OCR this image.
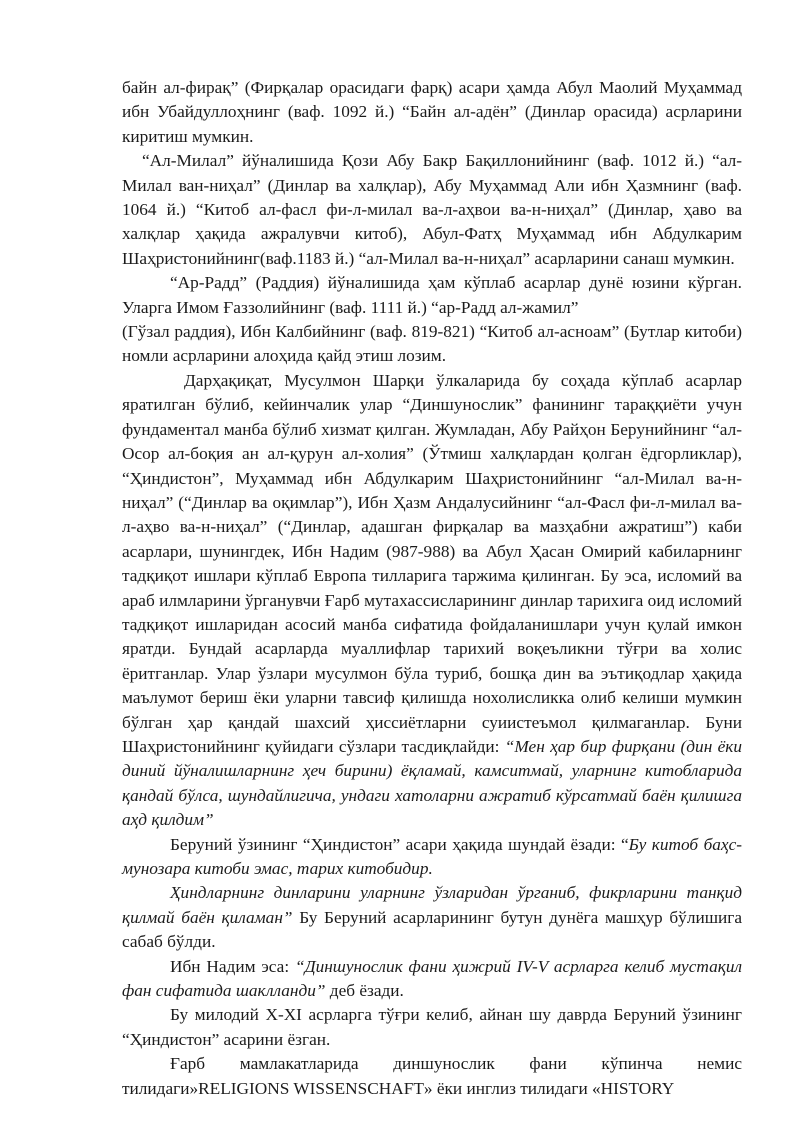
байн ал-фирақ” (Фирқалар орасидаги фарқ) асари ҳамда Абул Маолий Муҳаммад ибн Убайдуллоҳнинг (ваф. 1092 й.) “Байн ал-адён” (Динлар орасида) асрларини киритиш мумкин.

“Ал-Милал” йўналишида Қози Абу Бакр Бақиллонийнинг (ваф. 1012 й.) “ал-Милал ван-ниҳал” (Динлар ва халқлар), Абу Муҳаммад Али ибн Ҳазмнинг (ваф. 1064 й.) “Китоб ал-фасл фи-л-милал ва-л-аҳвои ва-н-ниҳал” (Динлар, ҳаво ва халқлар ҳақида ажралувчи китоб), Абул-Фатҳ Муҳаммад ибн Абдулкарим Шаҳристонийнинг(ваф.1183 й.) “ал-Милал ва-н-ниҳал” асарларини санаш мумкин.

“Ар-Радд” (Раддия) йўналишида ҳам кўплаб асарлар дунё юзини кўрган. Уларга Имом Ғаззолийнинг (ваф. 1111 й.) “ар-Радд ал-жамил”

(Гўзал раддия), Ибн Калбийнинг (ваф. 819-821) “Китоб ал-асноам” (Бутлар китоби) номли асрларини алоҳида қайд этиш лозим.

Дарҳақиқат, Мусулмон Шарқи ўлкаларида бу соҳада кўплаб асарлар яратилган бўлиб, кейинчалик улар “Диншунослик” фанининг тараққиёти учун фундаментал манба бўлиб хизмат қилган. Жумладан, Абу Райҳон Берунийнинг “ал-Осор ал-боқия ан ал-қурун ал-холия” (Ўтмиш халқлардан қолган ёдгорликлар), “Ҳиндистон”, Муҳаммад ибн Абдулкарим Шаҳристонийнинг “ал-Милал ва-н-ниҳал” (“Динлар ва оқимлар”), Ибн Ҳазм Андалусийнинг “ал-Фасл фи-л-милал ва-л-аҳво ва-н-ниҳал” (“Динлар, адашган фирқалар ва мазҳабни ажратиш”) каби асарлари, шунингдек, Ибн Надим (987-988) ва Абул Ҳасан Омирий кабиларнинг тадқиқот ишлари кўплаб Европа тилларига таржима қилинган. Бу эса, исломий ва араб илмларини ўрганувчи Ғарб мутахассисларининг динлар тарихига оид исломий тадқиқот ишларидан асосий манба сифатида фойдаланишлари учун қулай имкон яратди. Бундай асарларда муаллифлар тарихий воқеъликни тўғри ва холис ёритганлар. Улар ўзлари мусулмон бўла туриб, бошқа дин ва эътиқодлар ҳақида маълумот бериш ёки уларни тавсиф қилишда нохолисликка олиб келиши мумкин бўлган ҳар қандай шахсий ҳиссиётларни суиистеъмол қилмаганлар. Буни Шаҳристонийнинг қуйидаги сўзлари тасдиқлайди: “Мен ҳар бир фирқани (дин ёки диний йўналишларнинг ҳеч бирини) ёқламай, камситмай, уларнинг китобларида қандай бўлса, шундайлигича, ундаги хатоларни ажратиб кўрсатмай баён қилишга аҳд қилдим”

Беруний ўзининг “Ҳиндистон” асари ҳақида шундай ёзади: “Бу китоб баҳс-мунозара китоби эмас, тарих китобидир.

Ҳиндларнинг динларини уларнинг ўзларидан ўрганиб, фикрларини танқид қилмай баён қиламан” Бу Беруний асарларининг бутун дунёга машҳур бўлишига сабаб бўлди.

Ибн Надим эса: “Диншунослик фани ҳижрий IV-V асрларга келиб мустақил фан сифатида шаклланди” деб ёзади.

Бу милодий Х-ХI асрларга тўғри келиб, айнан шу даврда Беруний ўзининг “Ҳиндистон” асарини ёзган.

Ғарб мамлакатларида диншунослик фани кўпинча немис тилидаги»RELIGIONS WISSENSCHAFT» ёки инглиз тилидаги «HISTORY
